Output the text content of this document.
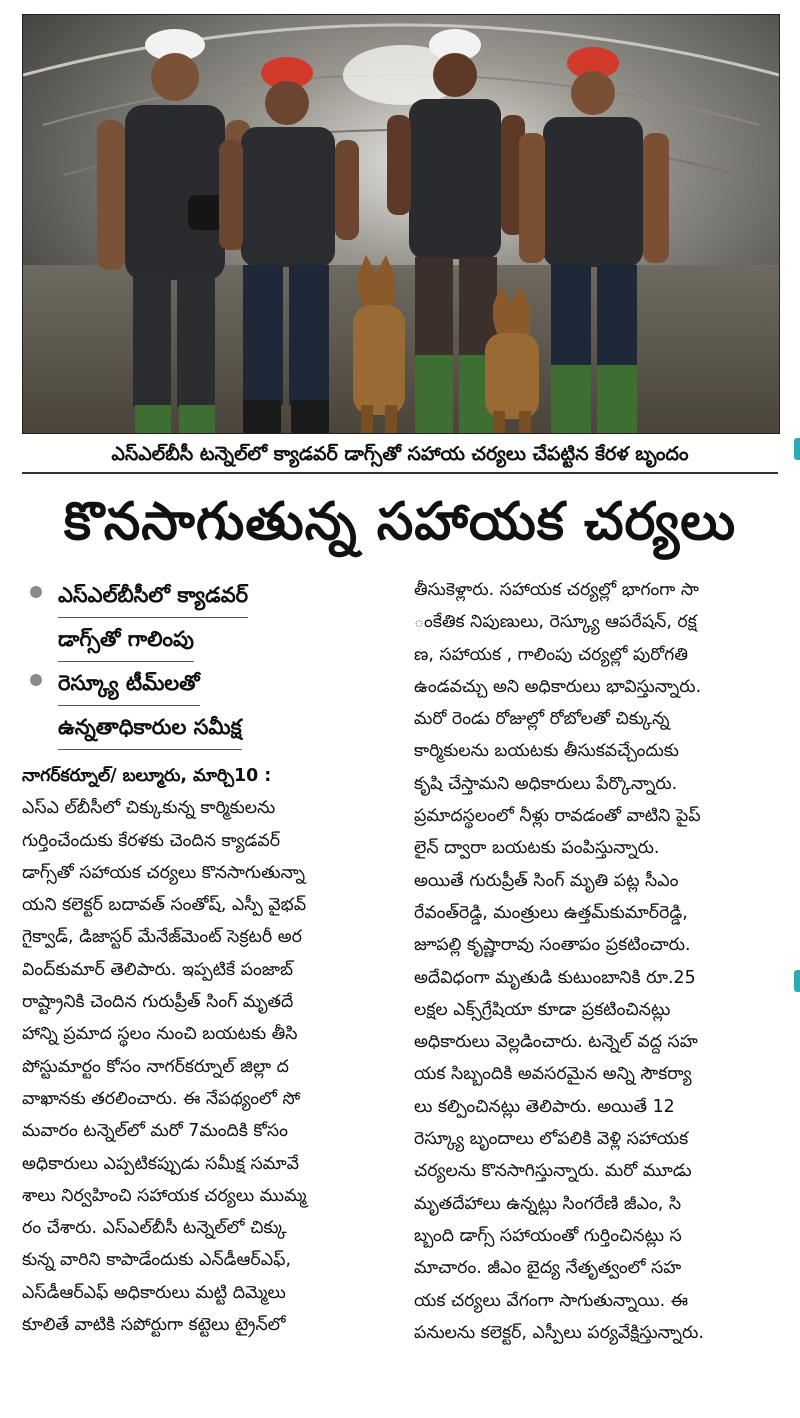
ఎస్‌ఎల్‌బీసీ టన్నెల్‌లో క్యాడవర్ డాగ్స్‌తో సహాయ చర్యలు చేపట్టిన కేరళ బృందం
కొనసాగుతున్న సహాయక చర్యలు
ఎస్‌ఎల్‌బీసీలో క్యాడవర్
డాగ్స్‌తో గాలింపు
రెస్క్యూ టీమ్‌లతో
ఉన్నతాధికారుల సమీక్ష
నాగర్‌కర్నూల్/ బల్మూరు, మార్చి10 :
ఎస్‌ఎ ల్‌బీసీలో చిక్కుకున్న కార్మికులను
గుర్తించేందుకు కేరళకు చెందిన క్యాడవర్
డాగ్స్‌తో సహాయక చర్యలు కొనసాగుతున్నా
యని కలెక్టర్ బదావత్ సంతోష్, ఎస్పీ వైభవ్
గైక్వాడ్, డిజాస్టర్ మేనేజ్‌మెంట్ సెక్రటరీ అర
వింద్‌కుమార్ తెలిపారు. ఇప్పటికే పంజాబ్
రాష్ట్రానికి చెందిన గురుప్రీత్ సింగ్ మృతదే
హాన్ని ప్రమాద స్థలం నుంచి బయటకు తీసి
పోస్టుమార్టం కోసం నాగర్‌కర్నూల్ జిల్లా ద
వాఖానకు తరలించారు. ఈ నేపథ్యంలో సో
మవారం టన్నెల్‌లో మరో 7మందికి కోసం
అధికారులు ఎప్పటికప్పుడు సమీక్ష సమావే
శాలు నిర్వహించి సహాయక చర్యలు ముమ్మ
రం చేశారు. ఎస్‌ఎల్‌బీసీ టన్నెల్‌లో చిక్కు
కున్న వారిని కాపాడేందుకు ఎన్‌డీఆర్‌ఎఫ్,
ఎస్‌డీఆర్‌ఎఫ్ అధికారులు మట్టి దిమ్మెలు
కూలితే వాటికి సపోర్టుగా కట్టెలు ట్రైన్‌లో
తీసుకెళ్లారు. సహాయక చర్యల్లో భాగంగా సా
ంకేతిక నిపుణులు, రెస్క్యూ ఆపరేషన్, రక్ష
ణ, సహాయక , గాలింపు చర్యల్లో పురోగతి
ఉండవచ్చు అని అధికారులు భావిస్తున్నారు.
మరో రెండు రోజుల్లో రోబోలతో చిక్కున్న
కార్మికులను బయటకు తీసుకవచ్చేందుకు
కృషి చేస్తామని అధికారులు పేర్కొన్నారు.
ప్రమాదస్థలంలో నీళ్లు రావడంతో వాటిని పైప్
లైన్ ద్వారా బయటకు పంపిస్తున్నారు.
అయితే గురుప్రీత్ సింగ్ మృతి పట్ల సీఎం
రేవంత్‌రెడ్డి, మంత్రులు ఉత్తమ్‌కుమార్‌రెడ్డి,
జూపల్లి కృష్ణారావు సంతాపం ప్రకటించారు.
అదేవిధంగా మృతుడి కుటుంబానికి రూ.25
లక్షల ఎక్స్‌గ్రేషియా కూడా ప్రకటించినట్లు
అధికారులు వెల్లడించారు. టన్నెల్ వద్ద సహ
యక సిబ్బందికి అవసరమైన అన్ని సౌకర్యా
లు కల్పించినట్లు తెలిపారు. అయితే 12
రెస్క్యూ బృందాలు లోపలికి వెళ్లి సహాయక
చర్యలను కొనసాగిస్తున్నారు. మరో మూడు
మృతదేహాలు ఉన్నట్లు సింగరేణి జీఎం, సి
బ్బంది డాగ్స్ సహాయంతో గుర్తించినట్లు స
మాచారం. జీఎం బైద్య నేతృత్వంలో సహ
యక చర్యలు వేగంగా సాగుతున్నాయి. ఈ
పనులను కలెక్టర్, ఎస్పీలు పర్యవేక్షిస్తున్నారు.
